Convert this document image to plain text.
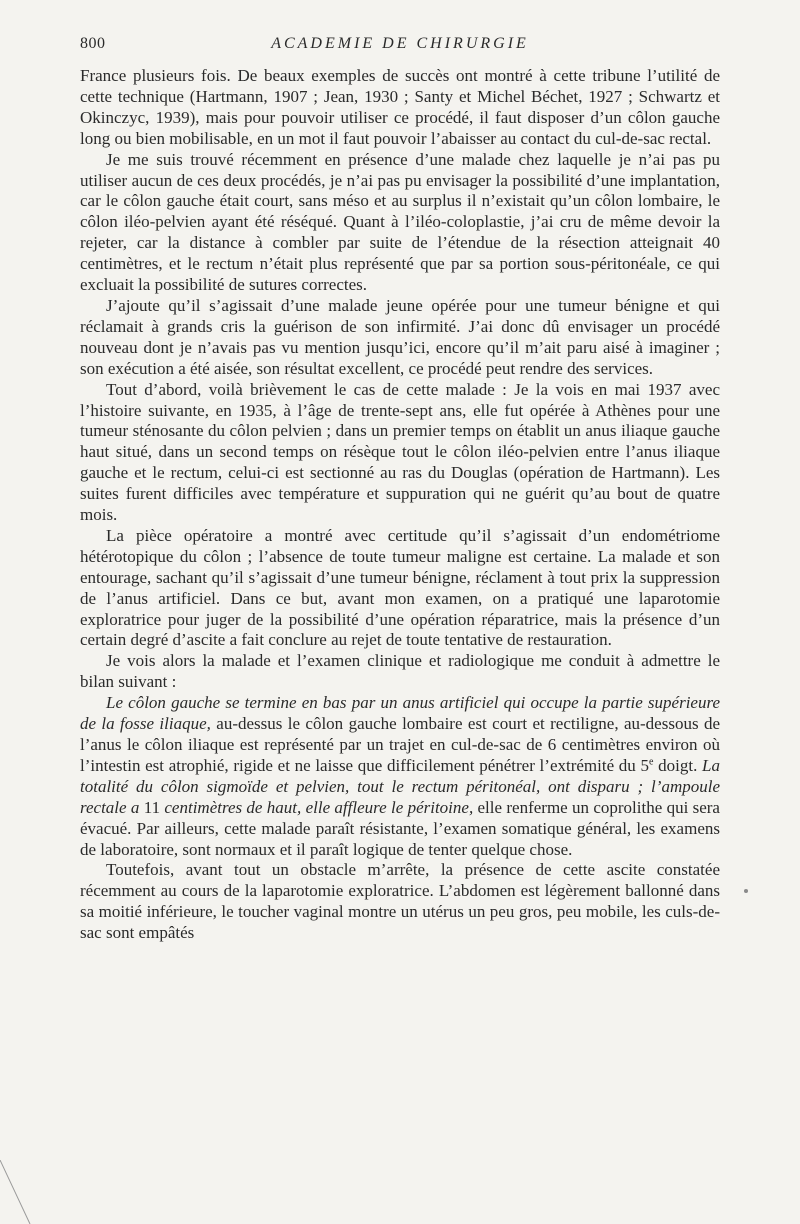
800	ACADEMIE DE CHIRURGIE

France plusieurs fois. De beaux exemples de succès ont montré à cette tribune l’utilité de cette technique (Hartmann, 1907 ; Jean, 1930 ; Santy et Michel Béchet, 1927 ; Schwartz et Okinczyc, 1939), mais pour pouvoir utiliser ce procédé, il faut disposer d’un côlon gauche long ou bien mobilisable, en un mot il faut pouvoir l’abaisser au contact du cul-de-sac rectal.

Je me suis trouvé récemment en présence d’une malade chez laquelle je n’ai pas pu utiliser aucun de ces deux procédés, je n’ai pas pu envisager la possibilité d’une implantation, car le côlon gauche était court, sans méso et au surplus il n’existait qu’un côlon lombaire, le côlon iléo-pelvien ayant été réséqué. Quant à l’iléo-coloplastie, j’ai cru de même devoir la rejeter, car la distance à combler par suite de l’étendue de la résection atteignait 40 centimètres, et le rectum n’était plus représenté que par sa portion sous-péritonéale, ce qui excluait la possibilité de sutures correctes.

J’ajoute qu’il s’agissait d’une malade jeune opérée pour une tumeur bénigne et qui réclamait à grands cris la guérison de son infirmité. J’ai donc dû envisager un procédé nouveau dont je n’avais pas vu mention jusqu’ici, encore qu’il m’ait paru aisé à imaginer ; son exécution a été aisée, son résultat excellent, ce procédé peut rendre des services.

Tout d’abord, voilà brièvement le cas de cette malade : Je la vois en mai 1937 avec l’histoire suivante, en 1935, à l’âge de trente-sept ans, elle fut opérée à Athènes pour une tumeur sténosante du côlon pelvien ; dans un premier temps on établit un anus iliaque gauche haut situé, dans un second temps on résèque tout le côlon iléo-pelvien entre l’anus iliaque gauche et le rectum, celui-ci est sectionné au ras du Douglas (opération de Hartmann). Les suites furent difficiles avec température et suppuration qui ne guérit qu’au bout de quatre mois.

La pièce opératoire a montré avec certitude qu’il s’agissait d’un endométriome hétérotopique du côlon ; l’absence de toute tumeur maligne est certaine. La malade et son entourage, sachant qu’il s’agissait d’une tumeur bénigne, réclament à tout prix la suppression de l’anus artificiel. Dans ce but, avant mon examen, on a pratiqué une laparotomie exploratrice pour juger de la possibilité d’une opération réparatrice, mais la présence d’un certain degré d’ascite a fait conclure au rejet de toute tentative de restauration.

Je vois alors la malade et l’examen clinique et radiologique me conduit à admettre le bilan suivant :

Le côlon gauche se termine en bas par un anus artificiel qui occupe la partie supérieure de la fosse iliaque, au-dessus le côlon gauche lombaire est court et rectiligne, au-dessous de l’anus le côlon iliaque est représenté par un trajet en cul-de-sac de 6 centimètres environ où l’intestin est atrophié, rigide et ne laisse que difficilement pénétrer l’extrémité du 5e doigt. La totalité du côlon sigmoïde et pelvien, tout le rectum péritonéal, ont disparu ; l’ampoule rectale a 11 centimètres de haut, elle affleure le péritoine, elle renferme un coprolithe qui sera évacué. Par ailleurs, cette malade paraît résistante, l’examen somatique général, les examens de laboratoire, sont normaux et il paraît logique de tenter quelque chose.

Toutefois, avant tout un obstacle m’arrête, la présence de cette ascite constatée récemment au cours de la laparotomie exploratrice. L’abdomen est légèrement ballonné dans sa moitié inférieure, le toucher vaginal montre un utérus un peu gros, peu mobile, les culs-de-sac sont empâtés
